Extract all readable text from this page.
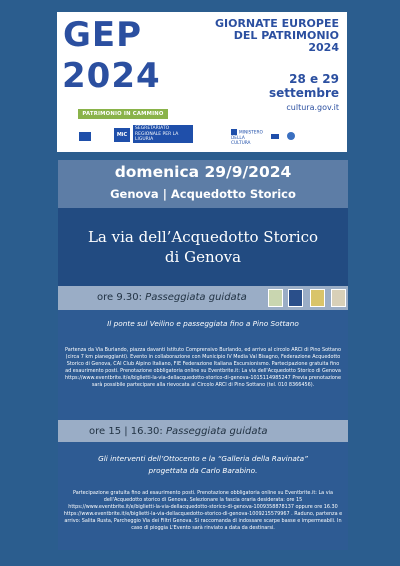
GEP
2024
PATRIMONIO IN CAMMINO
GIORNATE EUROPEE
DEL PATRIMONIO
2024
28 e 29
settembre
cultura.gov.it
MiC
SEGRETARIATO REGIONALE PER LA LIGURIA
MINISTERO DELLA CULTURA
domenica 29/9/2024
Genova | Acquedotto Storico
La via dell’Acquedotto Storico
di Genova
ore 9.30: Passeggiata guidata
Il ponte sul Veilino e passeggiata fino a Pino Sottano
Partenza da Via Burlando, piazza davanti Istituto Comprensivo Burlando, ed arrivo al circolo ARCI di Pino Sottano (circa 7 km pianeggianti). Evento in collaborazione con Municipio IV Media Val Bisagno, Federazione Acquedotto Storico di Genova, CAI Club Alpino Italiano, FIE Federazione Italiana Escursionismo. Partecipazione gratuita fino ad esaurimento posti. Prenotazione obbligatoria online su Eventbrite.it: La via dell'Acquedotto Storico di Genova https://www.eventbrite.it/e/biglietti-la-via-dellacquedotto-storico-di-genova-1015114985247 Previa prenotazione sarà possibile partecipare alla rievocata al Circolo ARCI di Pino Sottano (tel. 010 8366456).
ore 15 | 16.30: Passeggiata guidata
Gli interventi dell’Ottocento e la “Galleria della Ravinata”
progettata da Carlo Barabino.
Partecipazione gratuita fino ad esaurimento posti. Prenotazione obbligatoria online su Eventbrite.it: La via dell'Acquedotto storico di Genova. Selezionare la fascia oraria desiderata: ore 15 https://www.eventbrite.it/e/biglietti-la-via-dellacquedotto-storico-di-genova-1009358878137 oppure ore 16.30 https://www.eventbrite.it/e/biglietti-la-via-dellacquedotto-storico-di-genova-1009215579967 . Raduno, partenza e arrivo: Salita Rusta, Parcheggio Via dei Filtri Genova. Si raccomanda di indossare scarpe basse e impermeabili. In caso di pioggia L'Evento sarà rinviato a data da destinarsi.
